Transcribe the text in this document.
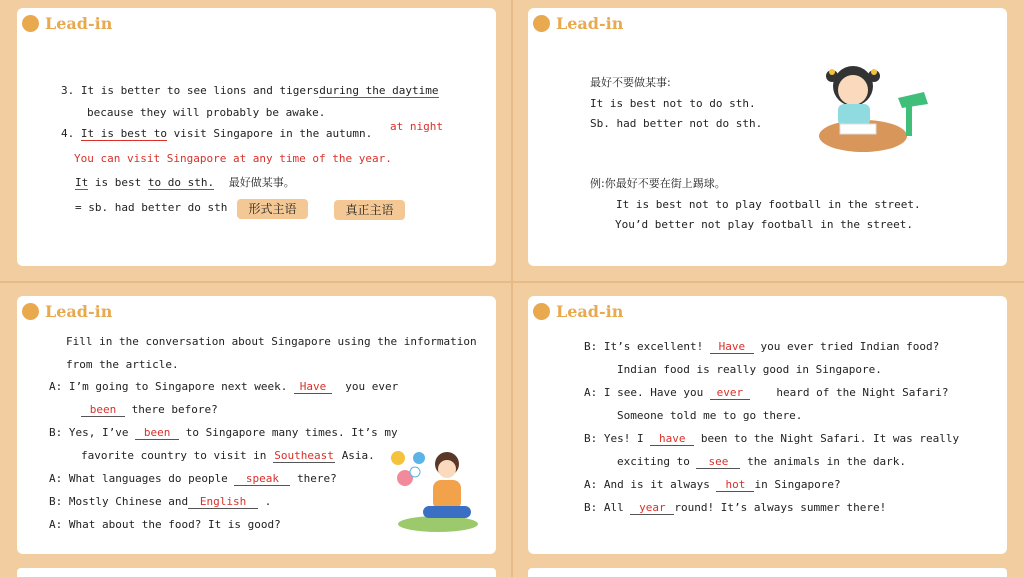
Lead-in
3. It is better to see lions and tigersduring the daytime
because they will probably be awake.
4. It is best to visit Singapore in the autumn.
at night
You can visit Singapore at any time of the year.
It is best to do sth. 最好做某事。
= sb. had better do sth	形式主语	真正主语
Lead-in
最好不要做某事:
It is best not to do sth.
Sb. had better not do sth.
例:你最好不要在街上踢球。
It is best not to play football in the street.
You’d better not play football in the street.
Lead-in
Fill in the conversation about Singapore using the information
from the article.
A: I’m going to Singapore next week. Have you ever
been there before?
B: Yes, I’ve been to Singapore many times. It’s my
favorite country to visit in Southeast Asia.
A: What languages do people speak there?
B: Mostly Chinese and English .
A: What about the food? It is good?
Lead-in
B: It’s excellent! Have you ever tried Indian food?
Indian food is really good in Singapore.
A: I see. Have you ever	heard of the Night Safari?
Someone told me to go there.
B: Yes! I have been to the Night Safari. It was really
exciting to see the animals in the dark.
A: And is it always hot in Singapore?
B: All year round! It’s always summer there!
